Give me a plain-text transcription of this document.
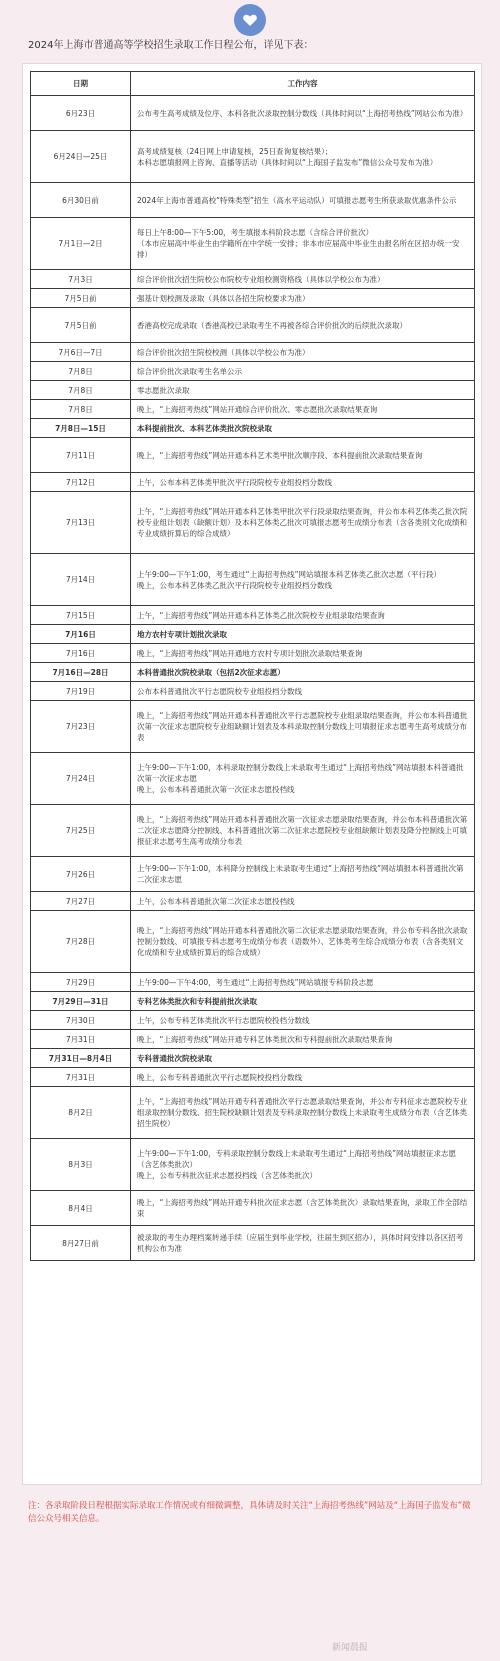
2024年上海市普通高等学校招生录取工作日程公布，详见下表：
日期	工作内容
6月23日	公布考生高考成绩及位序、本科各批次录取控制分数线（具体时间以“上海招考热线”网站公布为准）
6月24日—25日	高考成绩复核（24日网上申请复核，25日查询复核结果）；
本科志愿填报网上咨询、直播等活动（具体时间以“上海国子监发布”微信公众号发布为准）
6月30日前	2024年上海市普通高校“特殊类型”招生（高水平运动队）可填报志愿考生所获录取优惠条件公示
7月1日—2日	每日上午8:00—下午5:00，考生填报本科阶段志愿（含综合评价批次）
（本市应届高中毕业生由学籍所在中学统一安排；非本市应届高中毕业生由报名所在区招办统一安排）
7月3日	综合评价批次招生院校公布院校专业组校测资格线（具体以学校公布为准）
7月5日前	强基计划校测及录取（具体以各招生院校要求为准）
7月5日前	香港高校完成录取（香港高校已录取考生不再被各综合评价批次的后续批次录取）
7月6日—7日	综合评价批次招生院校校测（具体以学校公布为准）
7月8日	综合评价批次录取考生名单公示
7月8日	零志愿批次录取
7月8日	晚上，“上海招考热线”网站开通综合评价批次、零志愿批次录取结果查询
7月8日—15日	本科提前批次、本科艺体类批次院校录取
7月11日	晚上，“上海招考热线”网站开通本科艺术类甲批次顺序段、本科提前批次录取结果查询
7月12日	上午，公布本科艺体类甲批次平行段院校专业组投档分数线
7月13日	上午，“上海招考热线”网站开通本科艺体类甲批次平行段录取结果查询，并公布本科艺体类乙批次院校专业组计划表（缺额计划）及本科艺体类乙批次可填报志愿考生成绩分布表（含各类别文化成绩和专业成绩折算后的综合成绩）
7月14日	上午9:00—下午1:00，考生通过“上海招考热线”网站填报本科艺体类乙批次志愿（平行段）
晚上，公布本科艺体类乙批次平行段院校专业组投档分数线
7月15日	上午，“上海招考热线”网站开通本科艺体类乙批次院校专业组录取结果查询
7月16日	地方农村专项计划批次录取
7月16日	晚上，“上海招考热线”网站开通地方农村专项计划批次录取结果查询
7月16日—28日	本科普通批次院校录取（包括2次征求志愿）
7月19日	公布本科普通批次平行志愿院校专业组投档分数线
7月23日	晚上，“上海招考热线”网站开通本科普通批次平行志愿院校专业组录取结果查询，并公布本科普通批次第一次征求志愿院校专业组缺额计划表及本科录取控制分数线上可填报征求志愿考生高考成绩分布表
7月24日	上午9:00—下午1:00，本科录取控制分数线上未录取考生通过“上海招考热线”网站填报本科普通批次第一次征求志愿
晚上，公布本科普通批次第一次征求志愿投档线
7月25日	晚上，“上海招考热线”网站开通本科普通批次第一次征求志愿录取结果查询，并公布本科普通批次第二次征求志愿降分控制线、本科普通批次第二次征求志愿院校专业组缺额计划表及降分控制线上可填报征求志愿考生高考成绩分布表
7月26日	上午9:00—下午1:00，本科降分控制线上未录取考生通过“上海招考热线”网站填报本科普通批次第二次征求志愿
7月27日	上午，公布本科普通批次第二次征求志愿投档线
7月28日	晚上，“上海招考热线”网站开通本科普通批次第二次征求志愿录取结果查询，并公布专科各批次录取控制分数线、可填报专科志愿考生成绩分布表（语数外）、艺体类考生综合成绩分布表（含各类别文化成绩和专业成绩折算后的综合成绩）
7月29日	上午9:00—下午4:00，考生通过“上海招考热线”网站填报专科阶段志愿
7月29日—31日	专科艺体类批次和专科提前批次录取
7月30日	上午，公布专科艺体类批次平行志愿院校投档分数线
7月31日	晚上，“上海招考热线”网站开通专科艺体类批次和专科提前批次录取结果查询
7月31日—8月4日	专科普通批次院校录取
7月31日	晚上，公布专科普通批次平行志愿院校投档分数线
8月2日	上午，“上海招考热线”网站开通专科普通批次平行志愿录取结果查询，并公布专科征求志愿院校专业组录取控制分数线、招生院校缺额计划表及专科录取控制分数线上未录取考生成绩分布表（含艺体类招生院校）
8月3日	上午9:00—下午1:00，专科录取控制分数线上未录取考生通过“上海招考热线”网站填报征求志愿（含艺体类批次）
晚上，公布专科批次征求志愿投档线（含艺体类批次）
8月4日	晚上，“上海招考热线”网站开通专科批次征求志愿（含艺体类批次）录取结果查询，录取工作全部结束
8月27日前	被录取的考生办理档案转递手续（应届生到毕业学校，往届生到区招办），具体时间安排以各区招考机构公布为准
注：各录取阶段日程根据实际录取工作情况或有细微调整，具体请及时关注“上海招考热线”网站及“上海国子监发布”微信公众号相关信息。
新闻晨报
